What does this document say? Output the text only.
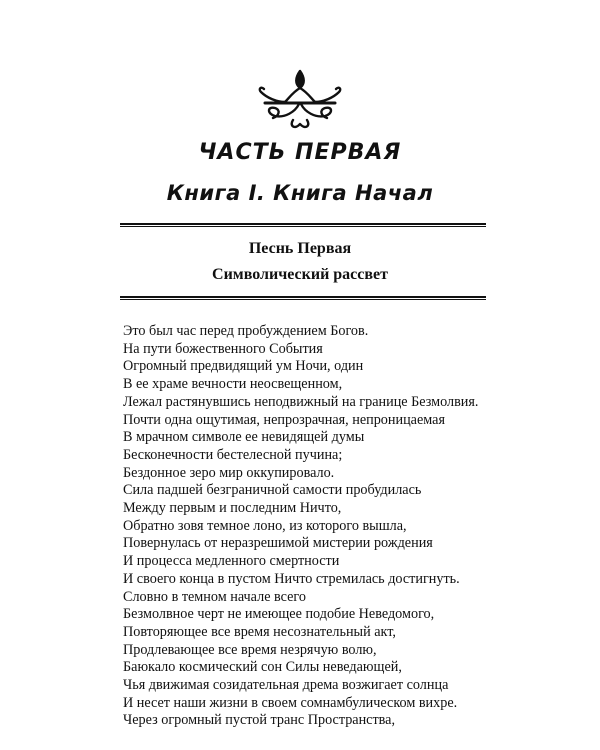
ЧАСТЬ ПЕРВАЯ
Книга I. Книга Начал
Песнь Первая
Символический рассвет
Это был час перед пробуждением Богов.
На пути божественного События
Огромный предвидящий ум Ночи, один
В ее храме вечности неосвещенном,
Лежал растянувшись неподвижный на границе Безмолвия.
Почти одна ощутимая, непрозрачная, непроницаемая
В мрачном символе ее невидящей думы
Бесконечности бестелесной пучина;
Бездонное зеро мир оккупировало.
Сила падшей безграничной самости пробудилась
Между первым и последним Ничто,
Обратно зовя темное лоно, из которого вышла,
Повернулась от неразрешимой мистерии рождения
И процесса медленного смертности
И своего конца в пустом Ничто стремилась достигнуть.
Словно в темном начале всего
Безмолвное черт не имеющее подобие Неведомого,
Повторяющее все время несознательный акт,
Продлевающее все время незрячую волю,
Баюкало космический сон Силы неведающей,
Чья движимая созидательная дрема возжигает солнца
И несет наши жизни в своем сомнамбулическом вихре.
Через огромный пустой транс Пространства,
